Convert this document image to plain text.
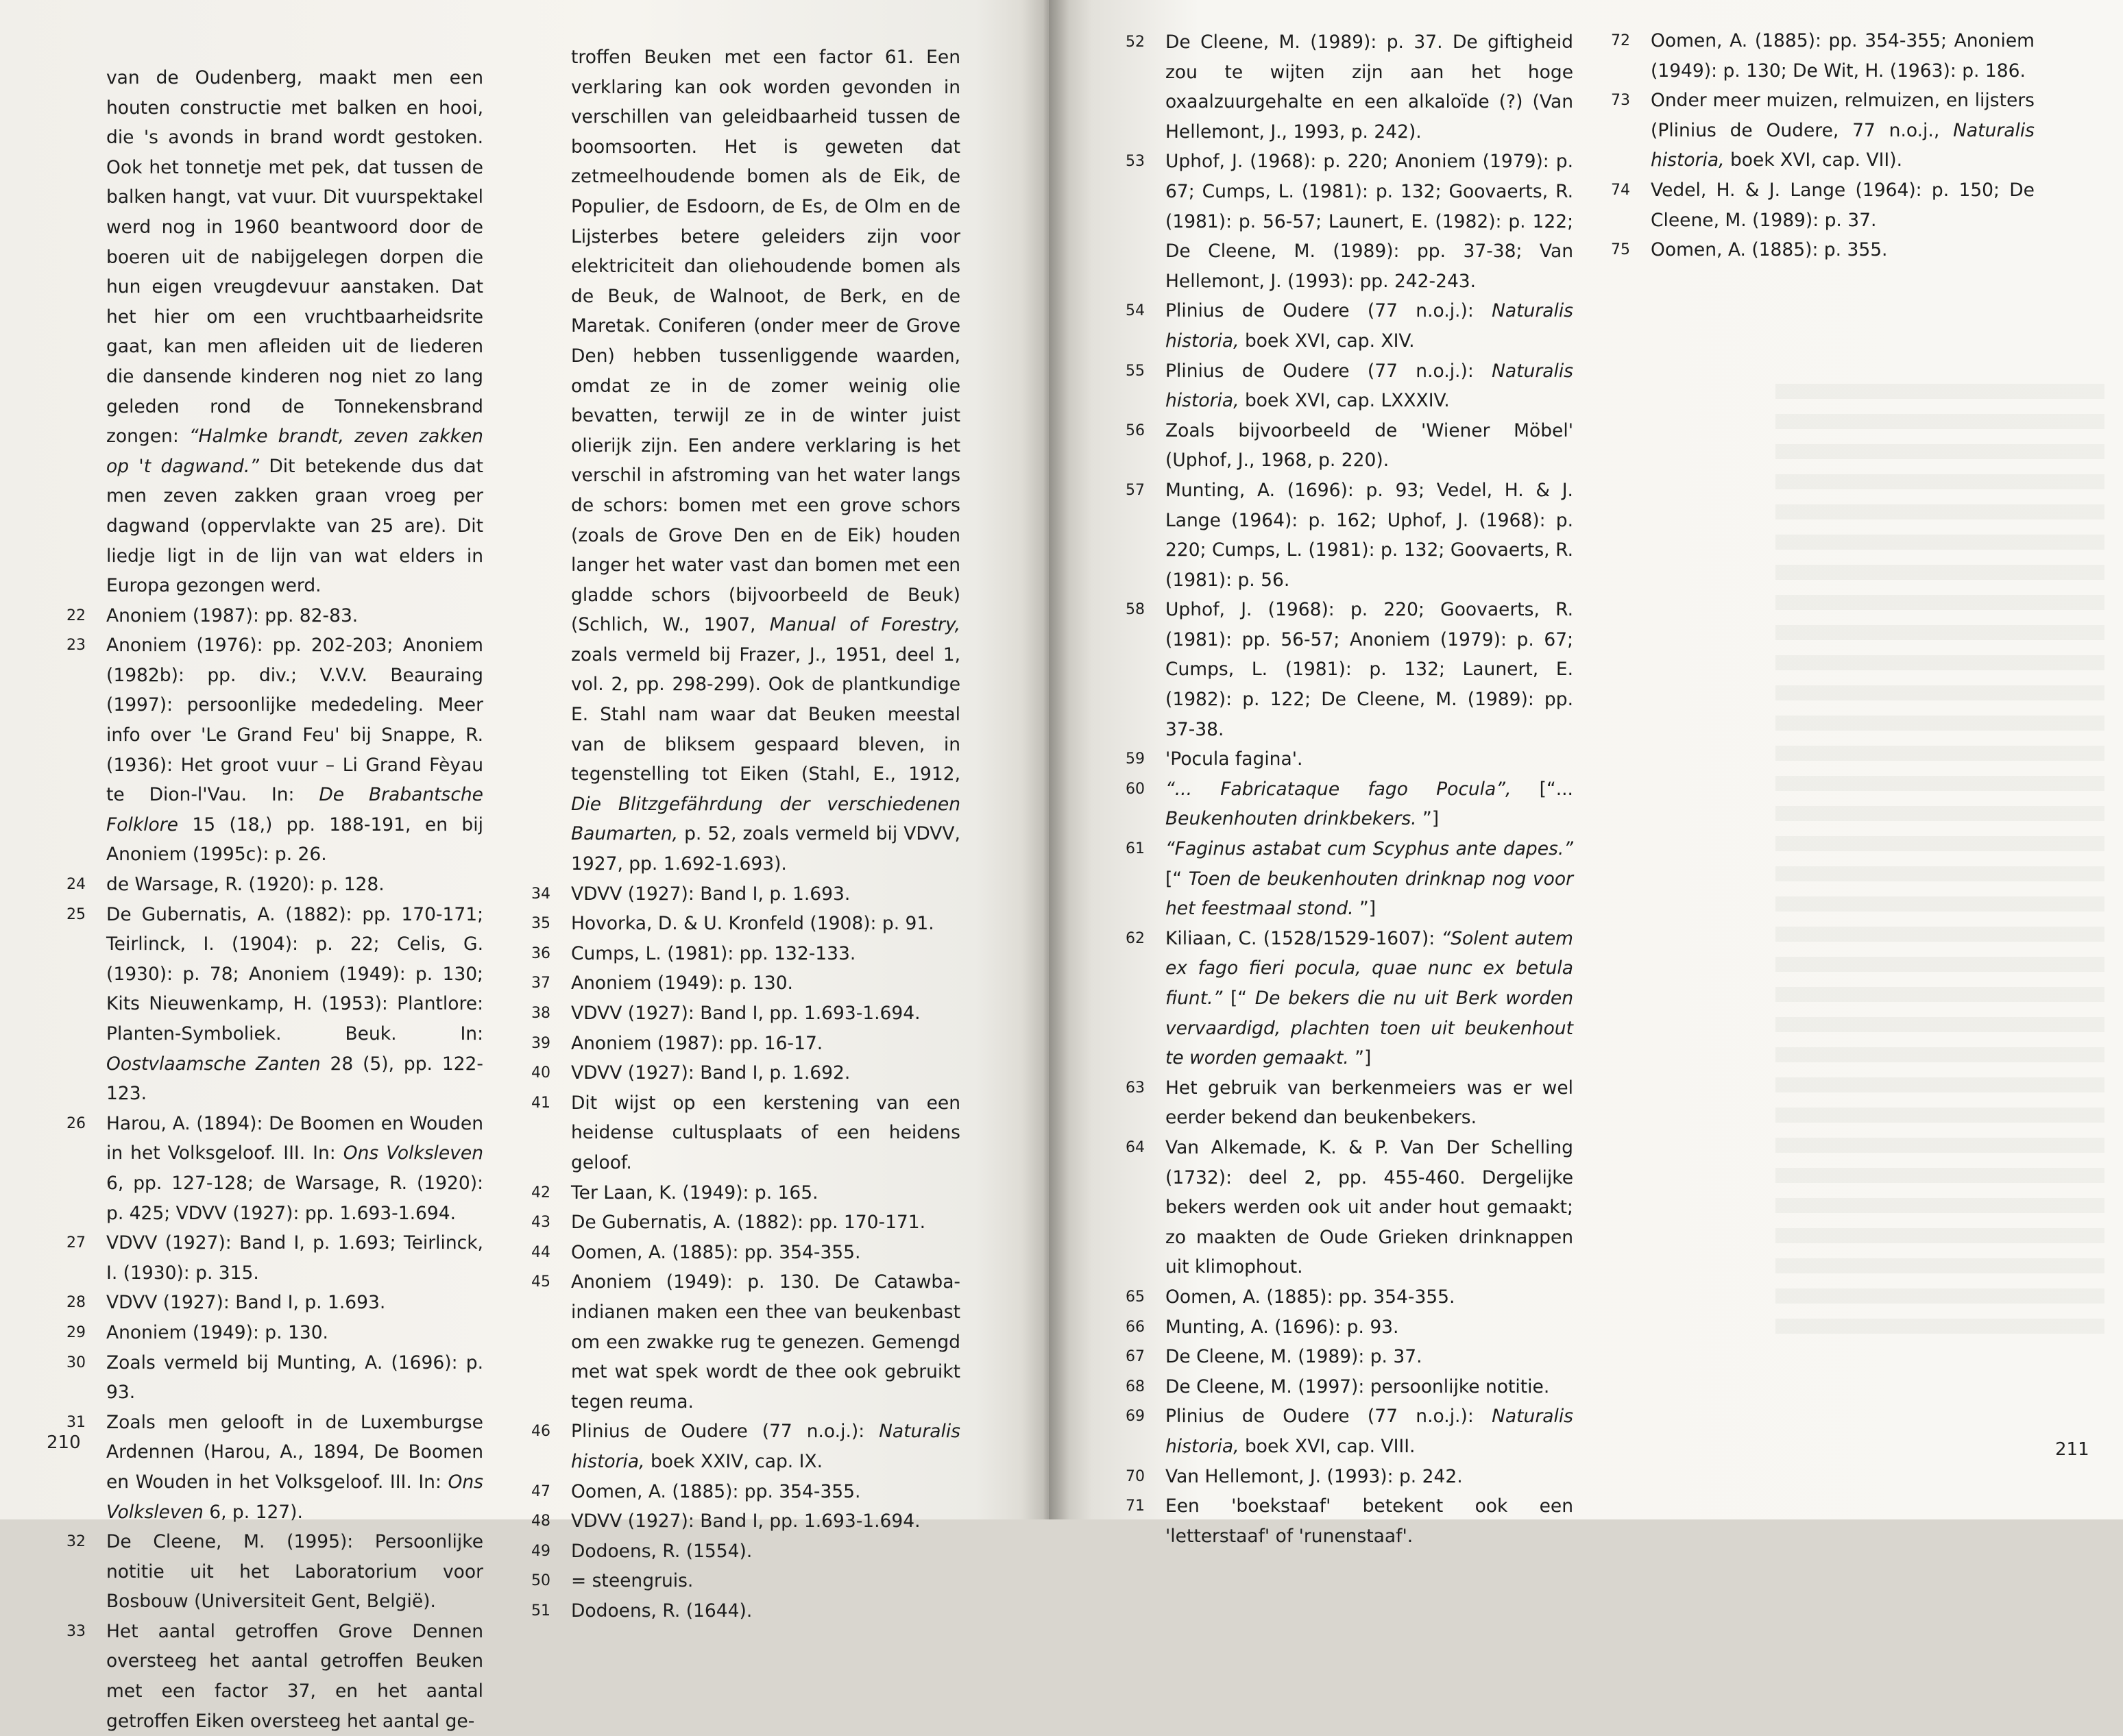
van de Oudenberg, maakt men een houten constructie met balken en hooi, die 's avonds in brand wordt gestoken. Ook het tonnetje met pek, dat tussen de balken hangt, vat vuur. Dit vuurspektakel werd nog in 1960 beantwoord door de boeren uit de nabijgelegen dorpen die hun eigen vreugdevuur aanstaken. Dat het hier om een vruchtbaarheidsrite gaat, kan men afleiden uit de liederen die dansende kinderen nog niet zo lang geleden rond de Tonnekensbrand zongen: “Halmke brandt, zeven zakken op 't dagwand.” Dit betekende dus dat men zeven zakken graan vroeg per dagwand (oppervlakte van 25 are). Dit liedje ligt in de lijn van wat elders in Europa gezongen werd.

22	Anoniem (1987): pp. 82-83.
23	Anoniem (1976): pp. 202-203; Anoniem (1982b): pp. div.; V.V.V. Beauraing (1997): persoonlijke mededeling. Meer info over 'Le Grand Feu' bij Snappe, R. (1936): Het groot vuur – Li Grand Fèyau te Dion-l'Vau. In: De Brabantsche Folklore 15 (18,) pp. 188-191, en bij Anoniem (1995c): p. 26.
24	de Warsage, R. (1920): p. 128.
25	De Gubernatis, A. (1882): pp. 170-171; Teirlinck, I. (1904): p. 22; Celis, G. (1930): p. 78; Anoniem (1949): p. 130; Kits Nieuwenkamp, H. (1953): Plantlore: Planten-Symboliek. Beuk. In: Oostvlaamsche Zanten 28 (5), pp. 122-123.
26	Harou, A. (1894): De Boomen en Wouden in het Volksgeloof. III. In: Ons Volksleven 6, pp. 127-128; de Warsage, R. (1920): p. 425; VDVV (1927): pp. 1.693-1.694.
27	VDVV (1927): Band I, p. 1.693; Teirlinck, I. (1930): p. 315.
28	VDVV (1927): Band I, p. 1.693.
29	Anoniem (1949): p. 130.
30	Zoals vermeld bij Munting, A. (1696): p. 93.
31	Zoals men gelooft in de Luxemburgse Ardennen (Harou, A., 1894, De Boomen en Wouden in het Volksgeloof. III. In: Ons Volksleven 6, p. 127).
32	De Cleene, M. (1995): Persoonlijke notitie uit het Laboratorium voor Bosbouw (Universiteit Gent, België).
33	Het aantal getroffen Grove Dennen oversteeg het aantal getroffen Beuken met een factor 37, en het aantal getroffen Eiken oversteeg het aantal ge-

troffen Beuken met een factor 61. Een verklaring kan ook worden gevonden in verschillen van geleidbaarheid tussen de boomsoorten. Het is geweten dat zetmeelhoudende bomen als de Eik, de Populier, de Esdoorn, de Es, de Olm en de Lijsterbes betere geleiders zijn voor elektriciteit dan oliehoudende bomen als de Beuk, de Walnoot, de Berk, en de Maretak. Coniferen (onder meer de Grove Den) hebben tussenliggende waarden, omdat ze in de zomer weinig olie bevatten, terwijl ze in de winter juist olierijk zijn. Een andere verklaring is het verschil in afstroming van het water langs de schors: bomen met een grove schors (zoals de Grove Den en de Eik) houden langer het water vast dan bomen met een gladde schors (bijvoorbeeld de Beuk) (Schlich, W., 1907, Manual of Forestry, zoals vermeld bij Frazer, J., 1951, deel 1, vol. 2, pp. 298-299). Ook de plantkundige E. Stahl nam waar dat Beuken meestal van de bliksem gespaard bleven, in tegenstelling tot Eiken (Stahl, E., 1912, Die Blitzgefährdung der verschiedenen Baumarten, p. 52, zoals vermeld bij VDVV, 1927, pp. 1.692-1.693).

34	VDVV (1927): Band I, p. 1.693.
35	Hovorka, D. & U. Kronfeld (1908): p. 91.
36	Cumps, L. (1981): pp. 132-133.
37	Anoniem (1949): p. 130.
38	VDVV (1927): Band I, pp. 1.693-1.694.
39	Anoniem (1987): pp. 16-17.
40	VDVV (1927): Band I, p. 1.692.
41	Dit wijst op een kerstening van een heidense cultusplaats of een heidens geloof.
42	Ter Laan, K. (1949): p. 165.
43	De Gubernatis, A. (1882): pp. 170-171.
44	Oomen, A. (1885): pp. 354-355.
45	Anoniem (1949): p. 130. De Catawba-indianen maken een thee van beukenbast om een zwakke rug te genezen. Gemengd met wat spek wordt de thee ook gebruikt tegen reuma.
46	Plinius de Oudere (77 n.o.j.): Naturalis historia, boek XXIV, cap. IX.
47	Oomen, A. (1885): pp. 354-355.
48	VDVV (1927): Band I, pp. 1.693-1.694.
49	Dodoens, R. (1554).
50	= steengruis.
51	Dodoens, R. (1644).
210
52	De Cleene, M. (1989): p. 37. De giftigheid zou te wijten zijn aan het hoge oxaalzuurgehalte en een alkaloïde (?) (Van Hellemont, J., 1993, p. 242).
53	Uphof, J. (1968): p. 220; Anoniem (1979): p. 67; Cumps, L. (1981): p. 132; Goovaerts, R. (1981): p. 56-57; Launert, E. (1982): p. 122; De Cleene, M. (1989): pp. 37-38; Van Hellemont, J. (1993): pp. 242-243.
54	Plinius de Oudere (77 n.o.j.): Naturalis historia, boek XVI, cap. XIV.
55	Plinius de Oudere (77 n.o.j.): Naturalis historia, boek XVI, cap. LXXXIV.
56	Zoals bijvoorbeeld de 'Wiener Möbel' (Uphof, J., 1968, p. 220).
57	Munting, A. (1696): p. 93; Vedel, H. & J. Lange (1964): p. 162; Uphof, J. (1968): p. 220; Cumps, L. (1981): p. 132; Goovaerts, R. (1981): p. 56.
58	Uphof, J. (1968): p. 220; Goovaerts, R. (1981): pp. 56-57; Anoniem (1979): p. 67; Cumps, L. (1981): p. 132; Launert, E. (1982): p. 122; De Cleene, M. (1989): pp. 37-38.
59	'Pocula fagina'.
60	“... Fabricataque fago Pocula”, [“... Beukenhouten drinkbekers. ”]
61	“Faginus astabat cum Scyphus ante dapes.” [“ Toen de beukenhouten drinknap nog voor het feestmaal stond. ”]
62	Kiliaan, C. (1528/1529-1607): “Solent autem ex fago fieri pocula, quae nunc ex betula fiunt.” [“ De bekers die nu uit Berk worden vervaardigd, plachten toen uit beukenhout te worden gemaakt. ”]
63	Het gebruik van berkenmeiers was er wel eerder bekend dan beukenbekers.
64	Van Alkemade, K. & P. Van Der Schelling (1732): deel 2, pp. 455-460. Dergelijke bekers werden ook uit ander hout gemaakt; zo maakten de Oude Grieken drinknappen uit klimophout.
65	Oomen, A. (1885): pp. 354-355.
66	Munting, A. (1696): p. 93.
67	De Cleene, M. (1989): p. 37.
68	De Cleene, M. (1997): persoonlijke notitie.
69	Plinius de Oudere (77 n.o.j.): Naturalis historia, boek XVI, cap. VIII.
70	Van Hellemont, J. (1993): p. 242.
71	Een 'boekstaaf' betekent ook een 'letterstaaf' of 'runenstaaf'.
72	Oomen, A. (1885): pp. 354-355; Anoniem (1949): p. 130; De Wit, H. (1963): p. 186.
73	Onder meer muizen, relmuizen, en lijsters (Plinius de Oudere, 77 n.o.j., Naturalis historia, boek XVI, cap. VII).
74	Vedel, H. & J. Lange (1964): p. 150; De Cleene, M. (1989): p. 37.
75	Oomen, A. (1885): p. 355.
211
